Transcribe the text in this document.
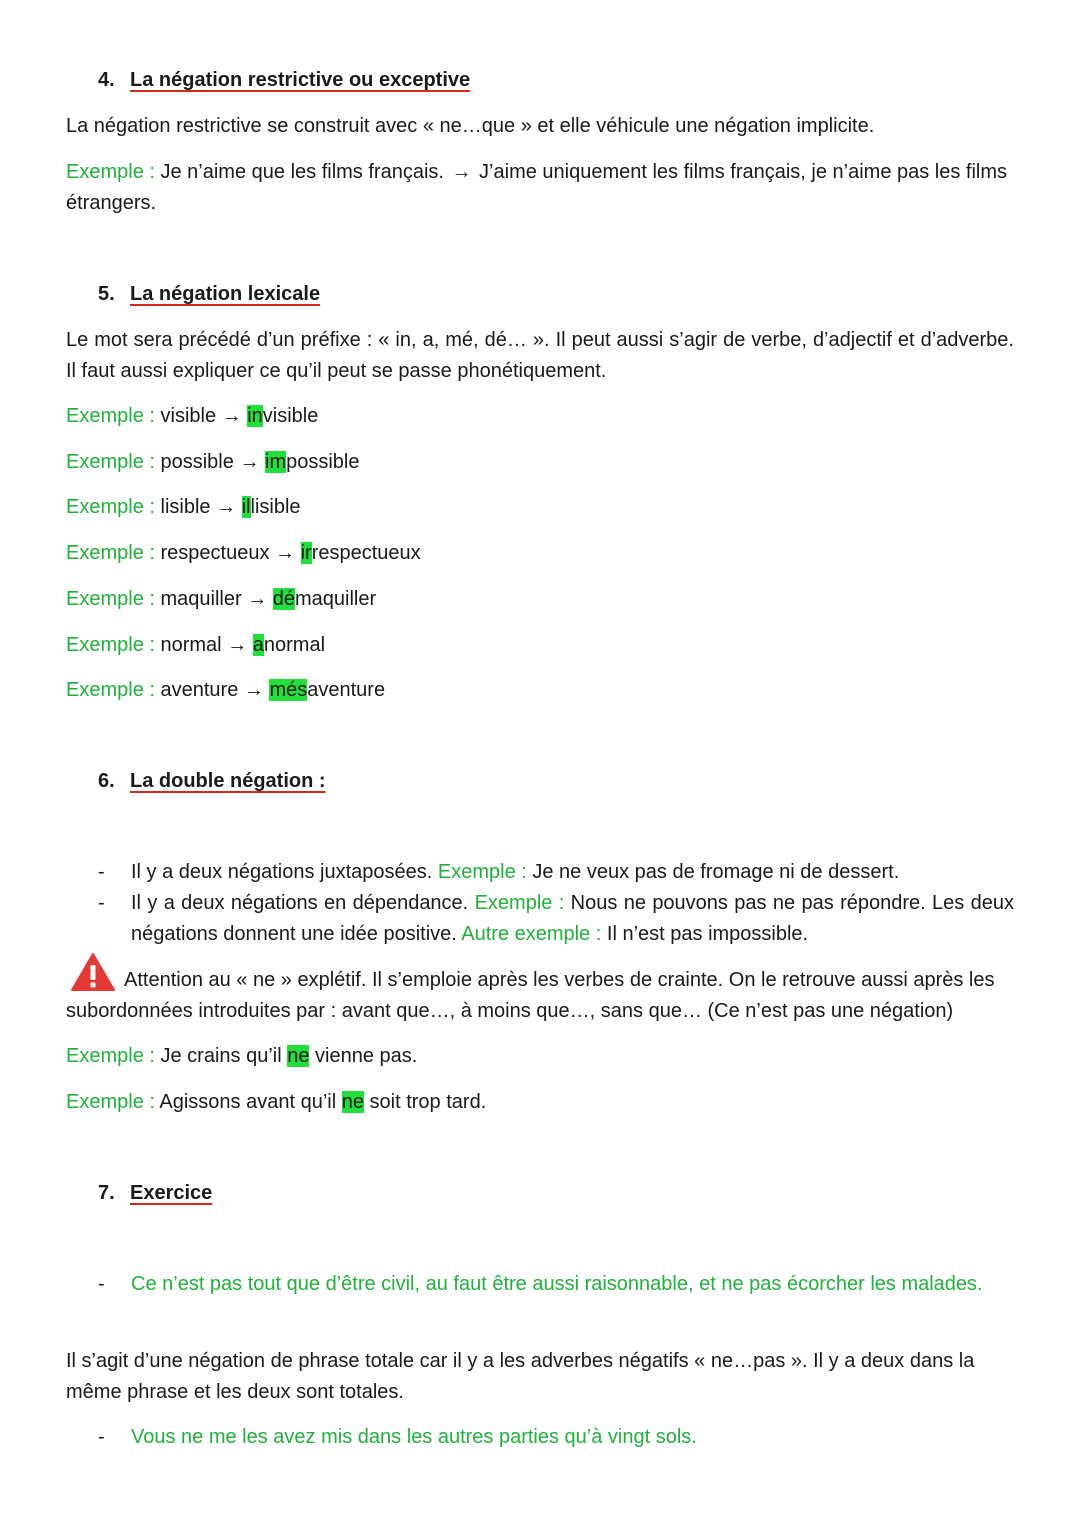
4. La négation restrictive ou exceptive

La négation restrictive se construit avec « ne…que » et elle véhicule une négation implicite.

Exemple : Je n’aime que les films français. → J’aime uniquement les films français, je n’aime pas les films étrangers.

5. La négation lexicale

Le mot sera précédé d’un préfixe : « in, a, mé, dé… ». Il peut aussi s’agir de verbe, d’adjectif et d’adverbe. Il faut aussi expliquer ce qu’il peut se passe phonétiquement.

Exemple : visible → invisible

Exemple : possible → impossible

Exemple : lisible → illisible

Exemple : respectueux → irrespectueux

Exemple : maquiller → démaquiller

Exemple : normal → anormal

Exemple : aventure → mésaventure

6. La double négation :
-	Il y a deux négations juxtaposées. Exemple : Je ne veux pas de fromage ni de dessert.
-	Il y a deux négations en dépendance. Exemple : Nous ne pouvons pas ne pas répondre. Les deux négations donnent une idée positive. Autre exemple : Il n’est pas impossible.

Attention au « ne » explétif. Il s’emploie après les verbes de crainte. On le retrouve aussi après les subordonnées introduites par : avant que…, à moins que…, sans que… (Ce n’est pas une négation)

Exemple : Je crains qu’il ne vienne pas.

Exemple : Agissons avant qu’il ne soit trop tard.

7. Exercice
-	Ce n’est pas tout que d’être civil, au faut être aussi raisonnable, et ne pas écorcher les malades.

Il s’agit d’une négation de phrase totale car il y a les adverbes négatifs « ne…pas ». Il y a deux dans la même phrase et les deux sont totales.

-	Vous ne me les avez mis dans les autres parties qu’à vingt sols.
